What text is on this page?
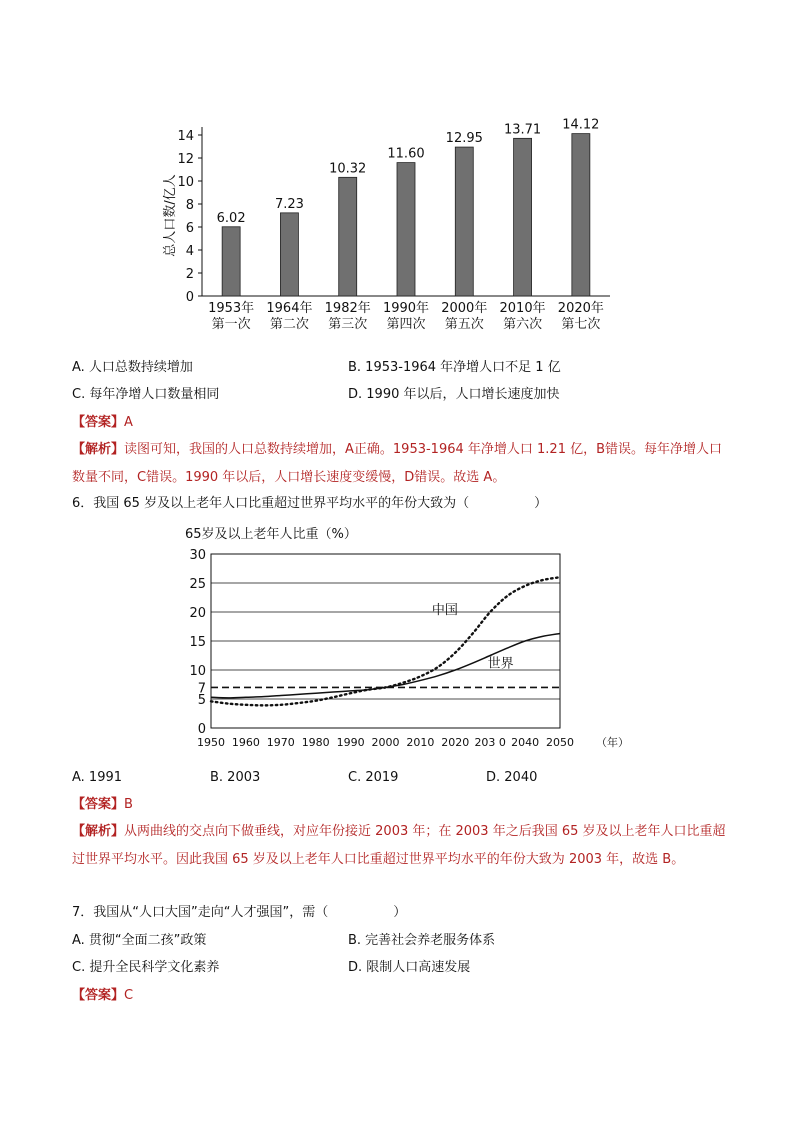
0
2
4
6
8
10
12
14
6.02
1953年
第一次
7.23
1964年
第二次
10.32
1982年
第三次
11.60
1990年
第四次
12.95
2000年
第五次
13.71
2010年
第六次
14.12
2020年
第七次
总人口数/亿人
A. 人口总数持续增加	B. 1953-1964 年净增人口不足 1 亿
C. 每年净增人口数量相同	D. 1990 年以后，人口增长速度加快
【答案】A
【解析】读图可知，我国的人口总数持续增加，A正确。1953-1964 年净增人口 1.21 亿，B错误。每年净增人口数量不同，C错误。1990 年以后，人口增长速度变缓慢，D错误。故选 A。
6．我国 65 岁及以上老年人口比重超过世界平均水平的年份大致为（　　　　　）
65岁及以上老年人比重（%）
0
5
7
10
15
20
25
30
1950 1960 1970 1980 1990 2000 2010 2020 203 0 2040 2050 （年）
中国
世界
A. 1991	B. 2003	C. 2019	D. 2040
【答案】B
【解析】从两曲线的交点向下做垂线，对应年份接近 2003 年；在 2003 年之后我国 65 岁及以上老年人口比重超过世界平均水平。因此我国 65 岁及以上老年人口比重超过世界平均水平的年份大致为 2003 年，故选 B。
7．我国从“人口大国”走向“人才强国”，需（　　　　　）
A. 贯彻“全面二孩”政策	B. 完善社会养老服务体系
C. 提升全民科学文化素养	D. 限制人口高速发展
【答案】C
